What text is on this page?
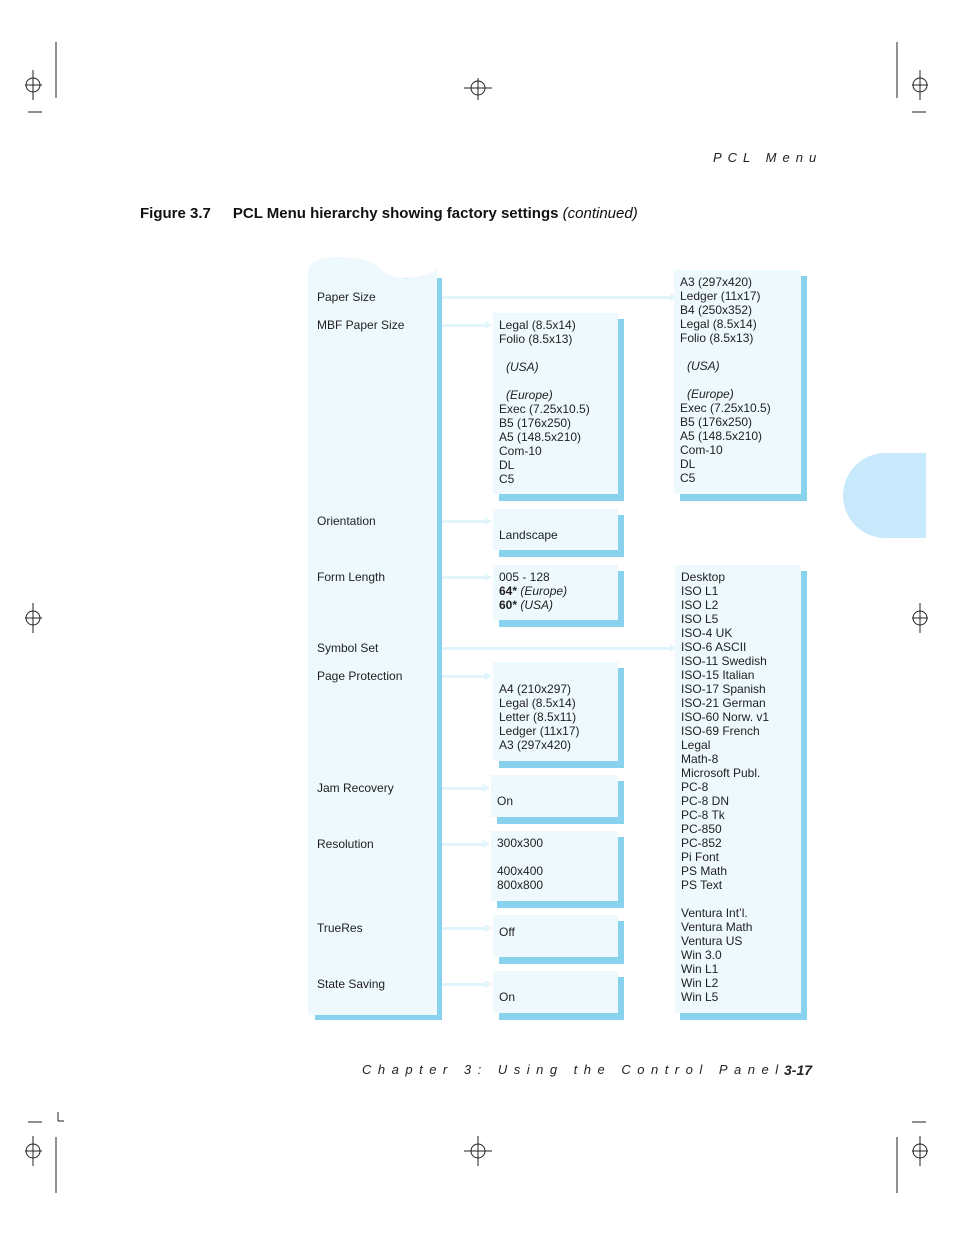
PCL Menu
Figure 3.7 PCL Menu hierarchy showing factory settings (continued)
Paper Size
MBF Paper Size
Orientation
Form Length
Symbol Set
Page Protection
Jam Recovery
Resolution
TrueRes
State Saving
Legal (8.5x14)
Folio (8.5x13)
(USA)
(Europe)
Exec (7.25x10.5)
B5 (176x250)
A5 (148.5x210)
Com-10
DL
C5
A3 (297x420)
Ledger (11x17)
B4 (250x352)
Legal (8.5x14)
Folio (8.5x13)
(USA)
(Europe)
Exec (7.25x10.5)
B5 (176x250)
A5 (148.5x210)
Com-10
DL
C5
Landscape
005 - 128
64* (Europe)
60* (USA)
A4 (210x297)
Legal (8.5x14)
Letter (8.5x11)
Ledger (11x17)
A3 (297x420)
On
300x300
400x400
800x800
Off
On
Desktop
ISO L1
ISO L2
ISO L5
ISO-4 UK
ISO-6 ASCII
ISO-11 Swedish
ISO-15 Italian
ISO-17 Spanish
ISO-21 German
ISO-60 Norw. v1
ISO-69 French
Legal
Math-8
Microsoft Publ.
PC-8
PC-8 DN
PC-8 Tk
PC-850
PC-852
Pi Font
PS Math
PS Text
Ventura Int’l.
Ventura Math
Ventura US
Win 3.0
Win L1
Win L2
Win L5
Chapter 3: Using the Control Panel 3-17
